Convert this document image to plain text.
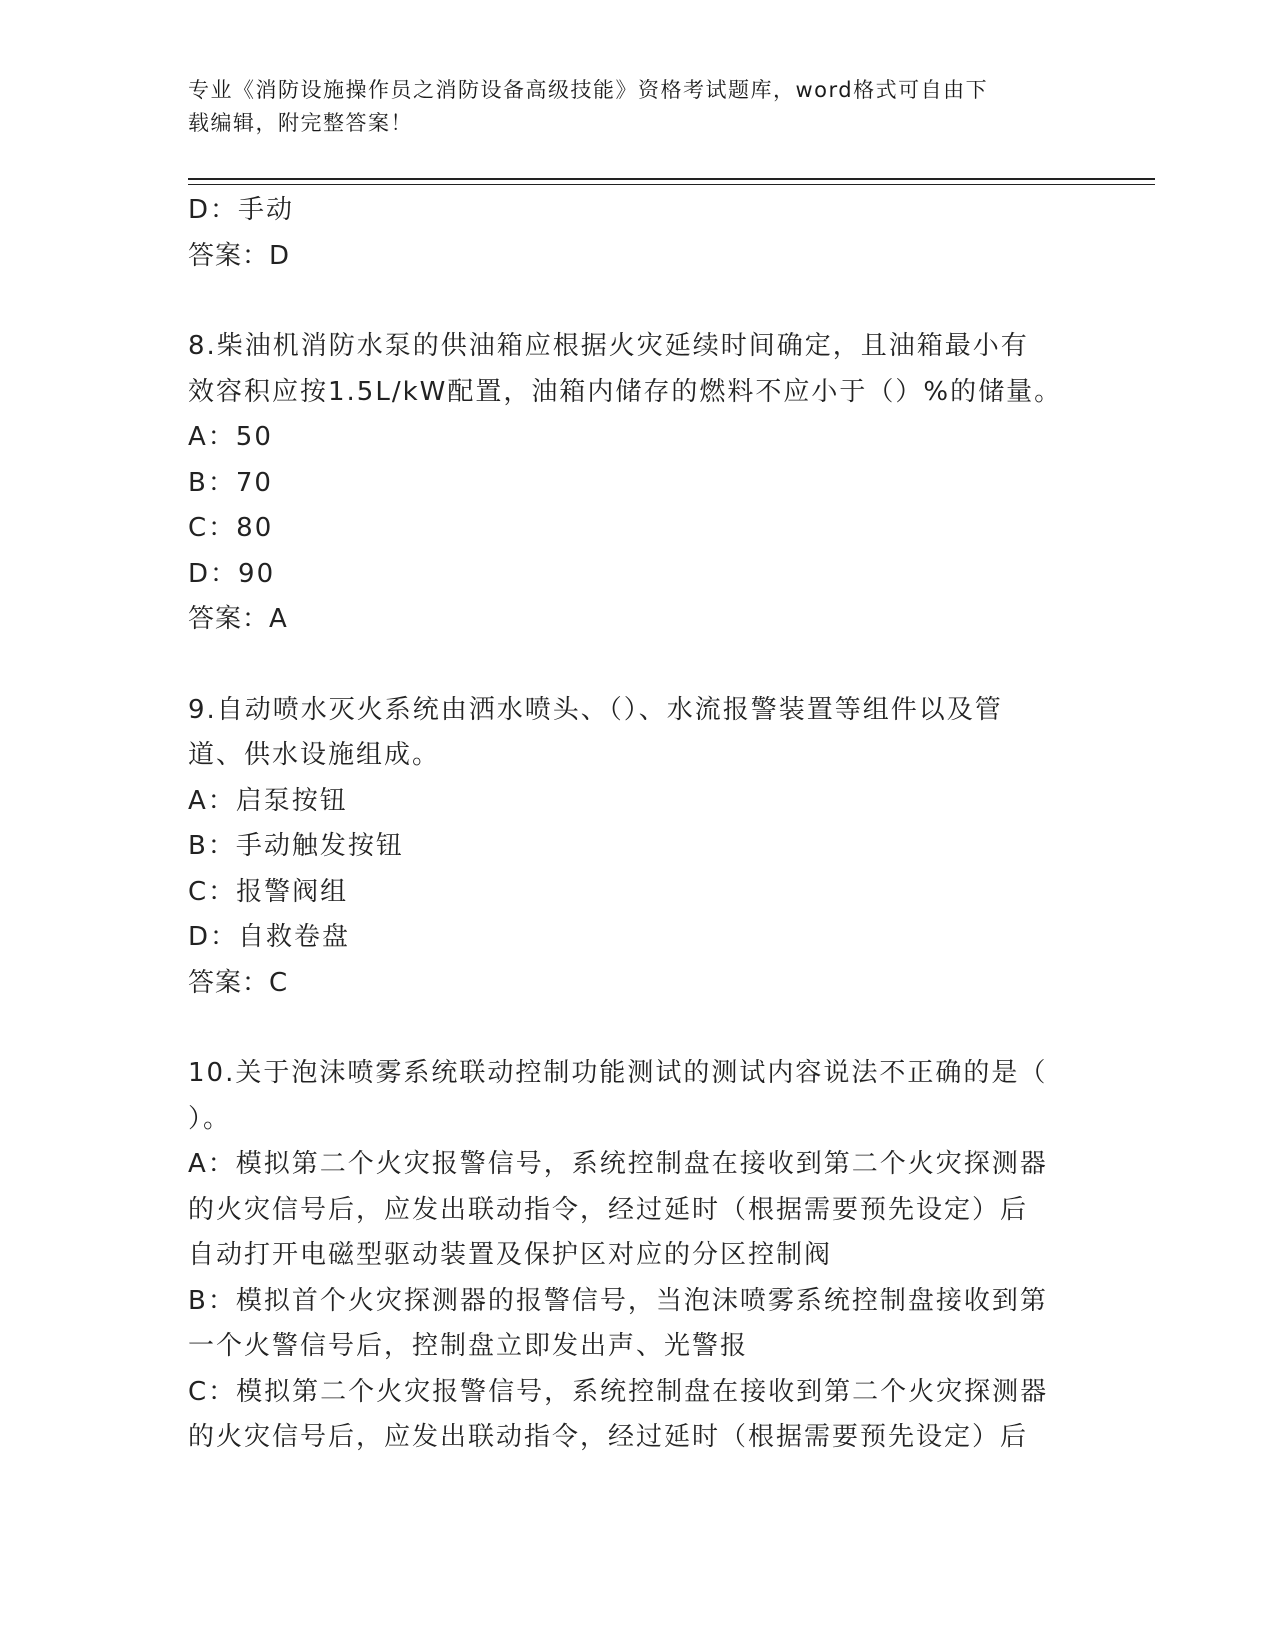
专业《消防设施操作员之消防设备高级技能》资格考试题库，word格式可自由下
载编辑，附完整答案！
D：手动
答案：D
8.柴油机消防水泵的供油箱应根据火灾延续时间确定，且油箱最小有
效容积应按1.5L/kW配置，油箱内储存的燃料不应小于（）%的储量。
A：50
B：70
C：80
D：90
答案：A
9.自动喷水灭火系统由洒水喷头、（）、水流报警装置等组件以及管
道、供水设施组成。
A：启泵按钮
B：手动触发按钮
C：报警阀组
D：自救卷盘
答案：C
10.关于泡沫喷雾系统联动控制功能测试的测试内容说法不正确的是（
）。
A：模拟第二个火灾报警信号，系统控制盘在接收到第二个火灾探测器
的火灾信号后，应发出联动指令，经过延时（根据需要预先设定）后
自动打开电磁型驱动装置及保护区对应的分区控制阀
B：模拟首个火灾探测器的报警信号，当泡沫喷雾系统控制盘接收到第
一个火警信号后，控制盘立即发出声、光警报
C：模拟第二个火灾报警信号，系统控制盘在接收到第二个火灾探测器
的火灾信号后，应发出联动指令，经过延时（根据需要预先设定）后
